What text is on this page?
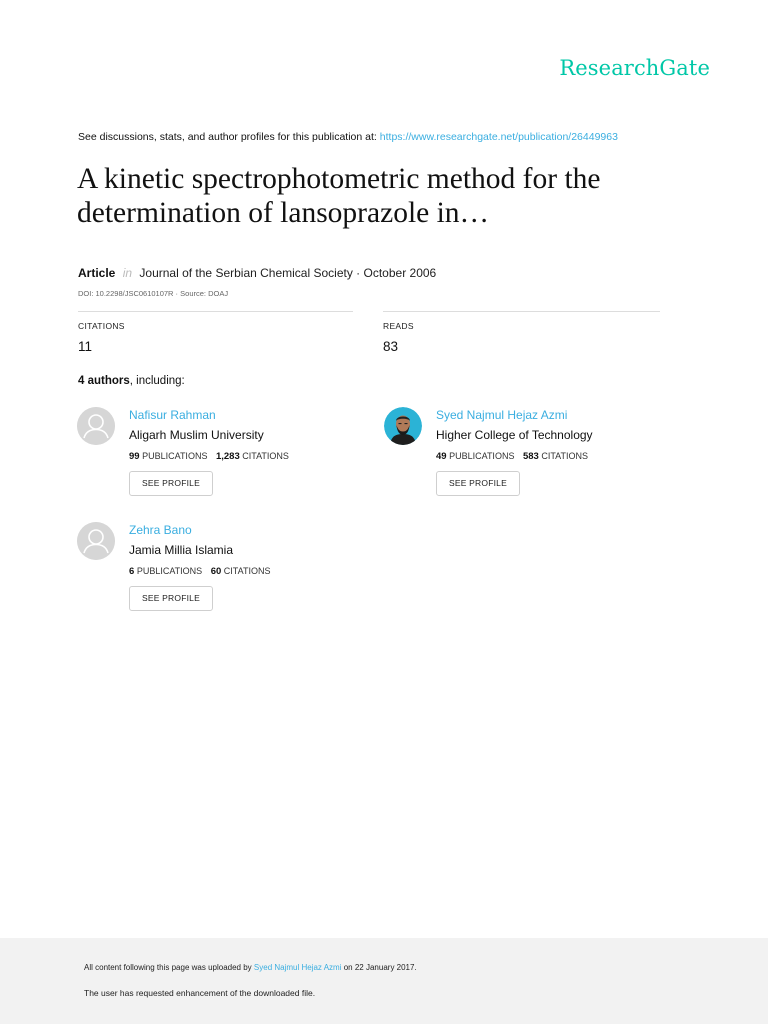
ResearchGate
See discussions, stats, and author profiles for this publication at: https://www.researchgate.net/publication/26449963
A kinetic spectrophotometric method for the determination of lansoprazole in…
Article in Journal of the Serbian Chemical Society · October 2006
DOI: 10.2298/JSC0610107R · Source: DOAJ
CITATIONS
11
READS
83
4 authors, including:
Nafisur Rahman
Aligarh Muslim University
99 PUBLICATIONS 1,283 CITATIONS
SEE PROFILE
Syed Najmul Hejaz Azmi
Higher College of Technology
49 PUBLICATIONS 583 CITATIONS
SEE PROFILE
Zehra Bano
Jamia Millia Islamia
6 PUBLICATIONS 60 CITATIONS
SEE PROFILE
All content following this page was uploaded by Syed Najmul Hejaz Azmi on 22 January 2017.
The user has requested enhancement of the downloaded file.
